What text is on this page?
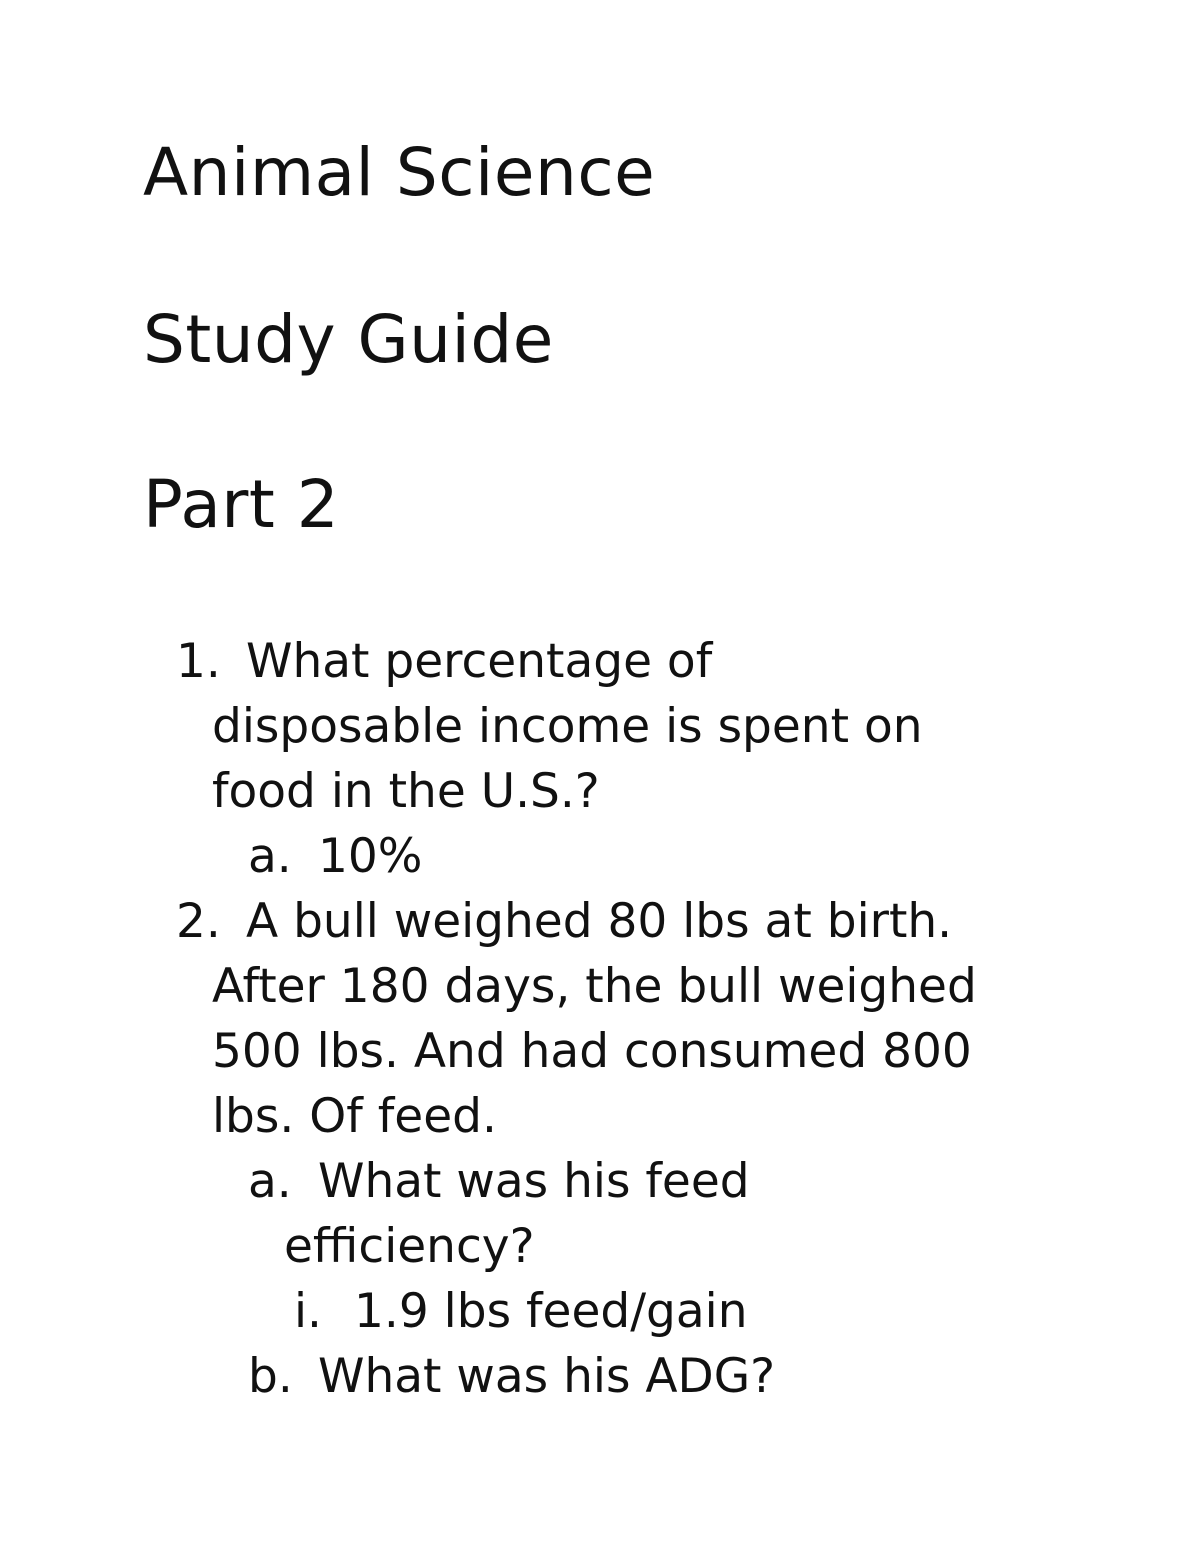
Animal Science
Study Guide
Part 2
1. What percentage of
disposable income is spent on
food in the U.S.?
a. 10%
2. A bull weighed 80 lbs at birth.
After 180 days, the bull weighed
500 lbs. And had consumed 800
lbs. Of feed.
a. What was his feed
efficiency?
i. 1.9 lbs feed/gain
b. What was his ADG?
